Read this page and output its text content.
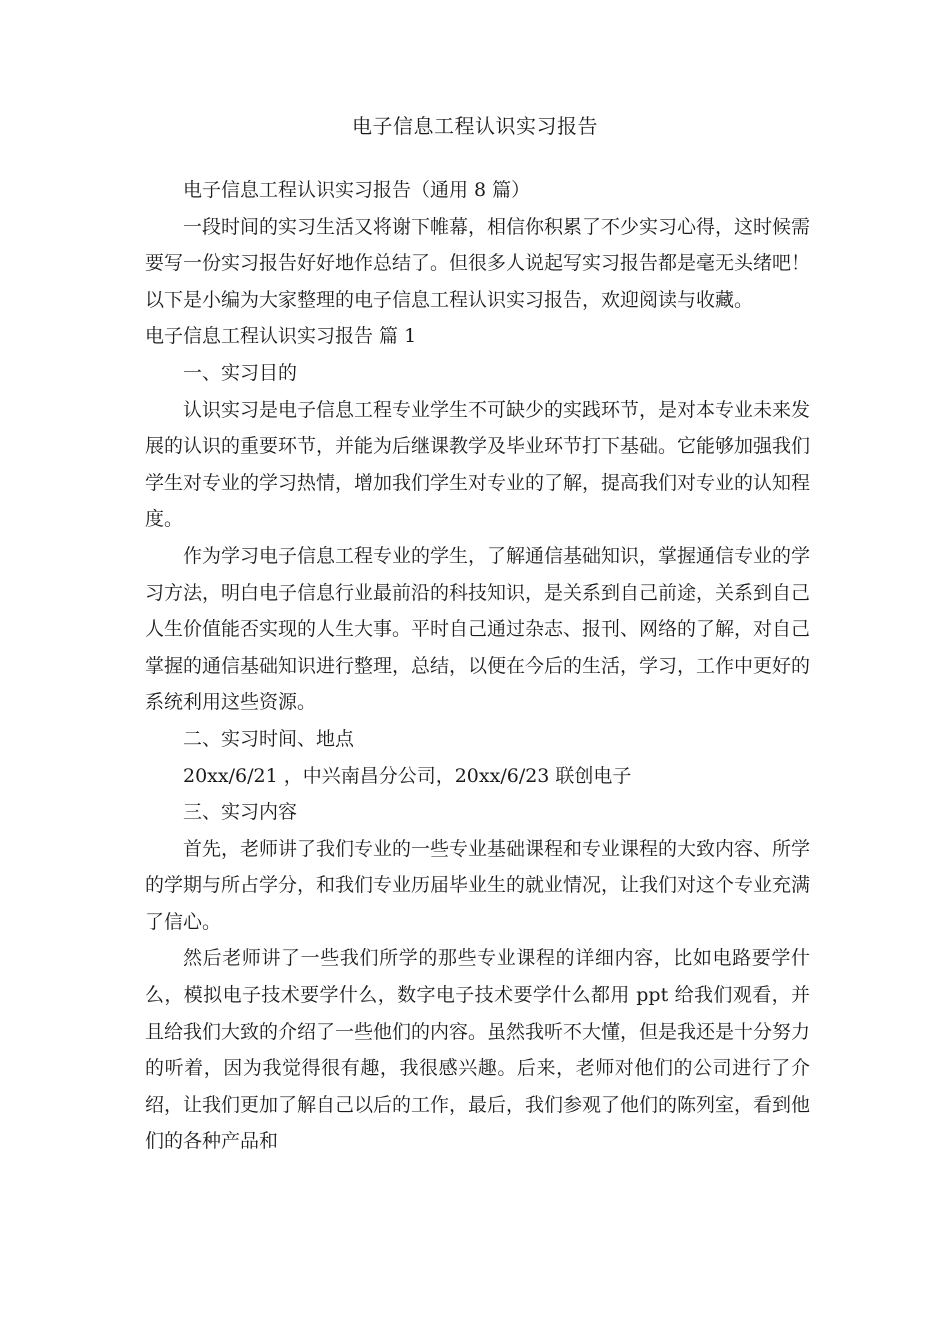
电子信息工程认识实习报告

电子信息工程认识实习报告（通用 8 篇）

一段时间的实习生活又将谢下帷幕，相信你积累了不少实习心得，这时候需要写一份实习报告好好地作总结了。但很多人说起写实习报告都是毫无头绪吧！以下是小编为大家整理的电子信息工程认识实习报告，欢迎阅读与收藏。

电子信息工程认识实习报告 篇 1

一、实习目的

认识实习是电子信息工程专业学生不可缺少的实践环节，是对本专业未来发展的认识的重要环节，并能为后继课教学及毕业环节打下基础。它能够加强我们学生对专业的学习热情，增加我们学生对专业的了解，提高我们对专业的认知程度。

作为学习电子信息工程专业的学生，了解通信基础知识，掌握通信专业的学习方法，明白电子信息行业最前沿的科技知识，是关系到自己前途，关系到自己人生价值能否实现的人生大事。平时自己通过杂志、报刊、网络的了解，对自己掌握的通信基础知识进行整理，总结，以便在今后的生活，学习，工作中更好的系统利用这些资源。

二、实习时间、地点

20xx/6/21 ，中兴南昌分公司，20xx/6/23 联创电子

三、实习内容

首先，老师讲了我们专业的一些专业基础课程和专业课程的大致内容、所学的学期与所占学分，和我们专业历届毕业生的就业情况，让我们对这个专业充满了信心。

然后老师讲了一些我们所学的那些专业课程的详细内容，比如电路要学什么，模拟电子技术要学什么，数字电子技术要学什么都用 ppt 给我们观看，并且给我们大致的介绍了一些他们的内容。虽然我听不大懂，但是我还是十分努力的听着，因为我觉得很有趣，我很感兴趣。后来，老师对他们的公司进行了介绍，让我们更加了解自己以后的工作，最后，我们参观了他们的陈列室，看到他们的各种产品和
